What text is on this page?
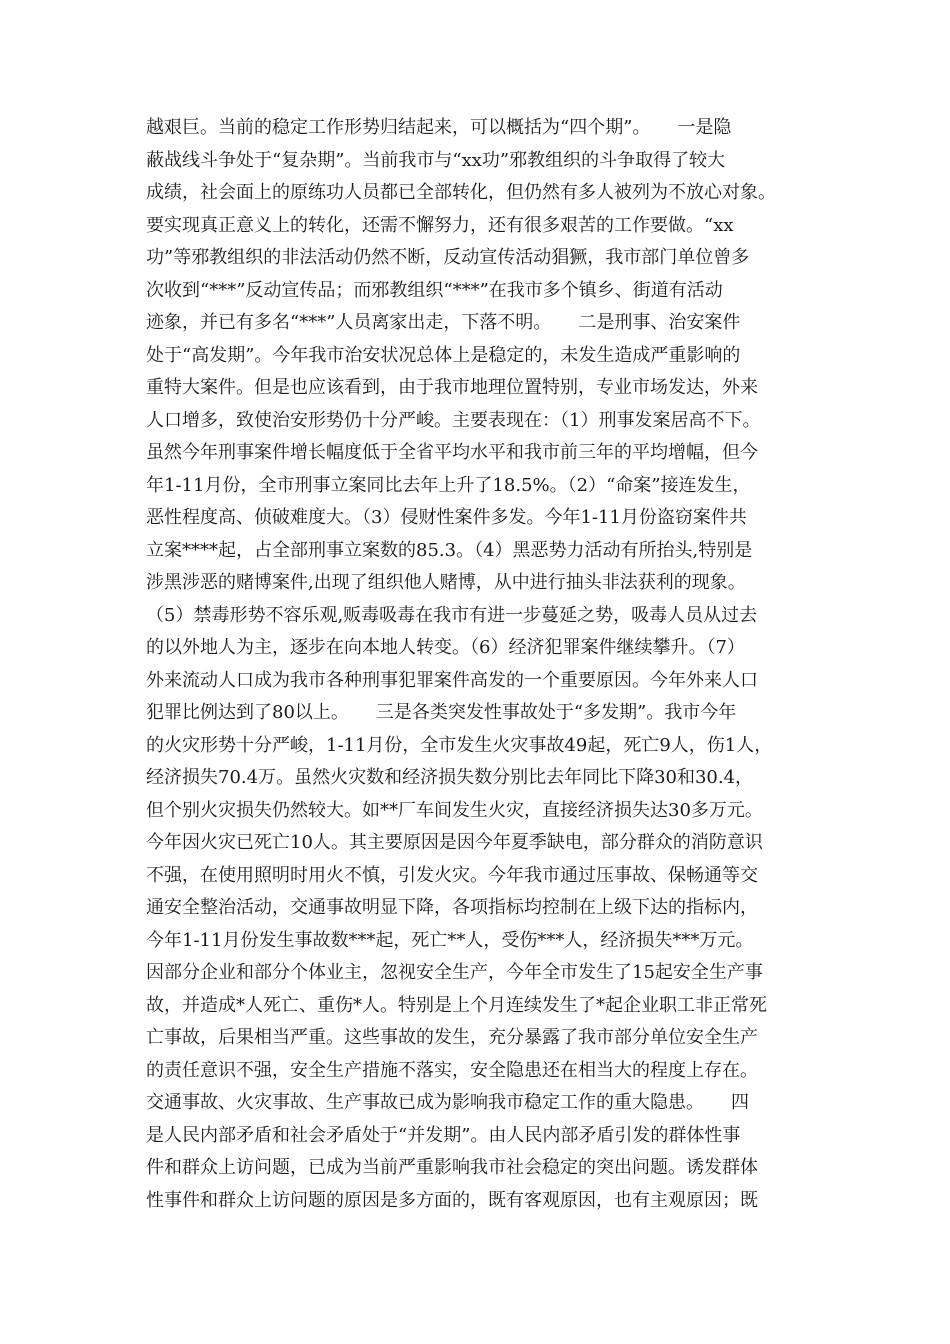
越艰巨。当前的稳定工作形势归结起来，可以概括为“四个期”。　　一是隐
蔽战线斗争处于“复杂期”。当前我市与“xx功”邪教组织的斗争取得了较大
成绩，社会面上的原练功人员都已全部转化，但仍然有多人被列为不放心对象。
要实现真正意义上的转化，还需不懈努力，还有很多艰苦的工作要做。“xx
功”等邪教组织的非法活动仍然不断，反动宣传活动猖獗，我市部门单位曾多
次收到“***”反动宣传品；而邪教组织“***”在我市多个镇乡、街道有活动
迹象，并已有多名“***”人员离家出走，下落不明。　　二是刑事、治安案件
处于“高发期”。今年我市治安状况总体上是稳定的，未发生造成严重影响的
重特大案件。但是也应该看到，由于我市地理位置特别，专业市场发达，外来
人口增多，致使治安形势仍十分严峻。主要表现在：（1）刑事发案居高不下。
虽然今年刑事案件增长幅度低于全省平均水平和我市前三年的平均增幅，但今
年1-11月份，全市刑事立案同比去年上升了18.5%。（2）“命案”接连发生，
恶性程度高、侦破难度大。（3）侵财性案件多发。今年1-11月份盗窃案件共
立案****起，占全部刑事立案数的85.3。（4）黑恶势力活动有所抬头,特别是
涉黑涉恶的赌博案件,出现了组织他人赌博，从中进行抽头非法获利的现象。
（5）禁毒形势不容乐观,贩毒吸毒在我市有进一步蔓延之势，吸毒人员从过去
的以外地人为主，逐步在向本地人转变。（6）经济犯罪案件继续攀升。（7）
外来流动人口成为我市各种刑事犯罪案件高发的一个重要原因。今年外来人口
犯罪比例达到了80以上。　　三是各类突发性事故处于“多发期”。我市今年
的火灾形势十分严峻，1-11月份，全市发生火灾事故49起，死亡9人，伤1人，
经济损失70.4万。虽然火灾数和经济损失数分别比去年同比下降30和30.4，
但个别火灾损失仍然较大。如**厂车间发生火灾，直接经济损失达30多万元。
今年因火灾已死亡10人。其主要原因是因今年夏季缺电，部分群众的消防意识
不强，在使用照明时用火不慎，引发火灾。今年我市通过压事故、保畅通等交
通安全整治活动，交通事故明显下降，各项指标均控制在上级下达的指标内，
今年1-11月份发生事故数***起，死亡**人，受伤***人，经济损失***万元。
因部分企业和部分个体业主，忽视安全生产，今年全市发生了15起安全生产事
故，并造成*人死亡、重伤*人。特别是上个月连续发生了*起企业职工非正常死
亡事故，后果相当严重。这些事故的发生，充分暴露了我市部分单位安全生产
的责任意识不强，安全生产措施不落实，安全隐患还在相当大的程度上存在。
交通事故、火灾事故、生产事故已成为影响我市稳定工作的重大隐患。　　四
是人民内部矛盾和社会矛盾处于“并发期”。由人民内部矛盾引发的群体性事
件和群众上访问题，已成为当前严重影响我市社会稳定的突出问题。诱发群体
性事件和群众上访问题的原因是多方面的，既有客观原因，也有主观原因；既
